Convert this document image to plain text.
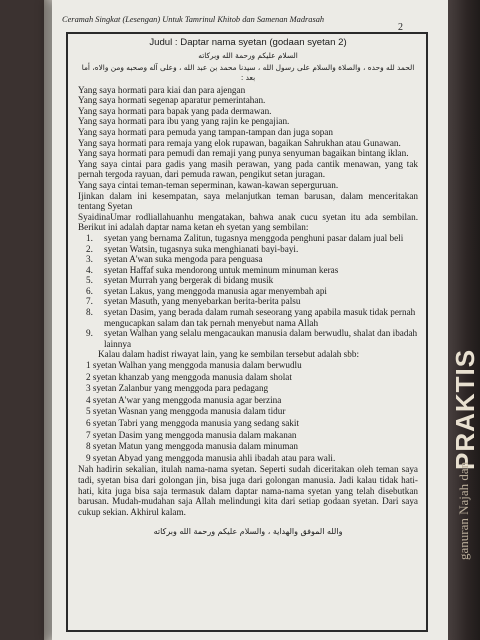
PRAKTIS
ganuran Najah dan
Ceramah Singkat (Lesengan) Untuk Tamrinul Khitob dan Samenan Madrasah
2
Judul : Daptar nama syetan (godaan syetan 2)
السلام عليكم ورحمة الله وبركاته
الحمد لله وحده ، والصلاة والسلام على رسول الله ، سيدنا محمد بن عبد الله ، وعلى آله وصحبه ومن والاه، أما بعد :

Yang saya hormati para kiai dan para ajengan

Yang saya hormati segenap aparatur pemerintahan.

Yang saya hormati para bapak yang pada dermawan.

Yang saya hormati para ibu yang yang rajin ke pengajian.

Yang saya hormati para pemuda yang tampan-tampan dan juga sopan

Yang saya hormati para remaja yang elok rupawan, bagaikan Sahrukhan atau Gunawan.

Yang saya hormati para pemudi dan remaji yang punya senyuman bagaikan bintang iklan.

Yang saya cintai para gadis yang masih perawan, yang pada cantik menawan, yang tak pernah tergoda rayuan, dari pemuda rawan, pengikut setan juragan.

Yang saya cintai teman-teman seperminan, kawan-kawan seperguruan.

Ijinkan dalam ini kesempatan, saya melanjutkan teman barusan, dalam menceritakan tentang Syetan

SyaidinaUmar rodliallahuanhu mengatakan, bahwa anak cucu syetan itu ada sembilan. Berikut ini adalah daptar nama ketan eh syetan yang sembilan:

1. syetan yang bernama Zalitun, tugasnya menggoda penghuni pasar dalam jual beli
2. syetan Watsin, tugasnya suka menghianati bayi-bayi.
3. syetan A'wan suka mengoda para penguasa
4. syetan Haffaf suka mendorong untuk meminum minuman keras
5. syetan Murrah yang bergerak di bidang musik
6. syetan Lakus, yang menggoda manusia agar menyembah api
7. syetan Masuth, yang menyebarkan berita-berita palsu
8. syetan Dasim, yang berada dalam rumah seseorang yang apabila masuk tidak pernah mengucapkan salam dan tak pernah menyebut nama Allah
9. syetan Walhan yang selalu mengacaukan manusia dalam berwudlu, shalat dan ibadah lainnya

Kalau dalam hadist riwayat lain, yang ke sembilan tersebut adalah sbb:

1 syetan Walhan yang menggoda manusia dalam berwudlu
2 syetan khanzab yang menggoda manusia dalam sholat
3 syetan Zalanbur yang menggoda para pedagang
4 syetan A'war yang menggoda manusia agar berzina
5 syetan Wasnan yang menggoda manusia dalam tidur
6 syetan Tabri yang menggoda manusia yang sedang sakit
7 syetan Dasim yang menggoda manusia dalam makanan
8 syetan Matun yang menggoda manusia dalam minuman
9 syetan Abyad yang menggoda manusia ahli ibadah atau para wali.

Nah hadirin sekalian, itulah nama-nama syetan. Seperti sudah diceritakan oleh teman saya tadi, syetan bisa dari golongan jin, bisa juga dari golongan manusia. Jadi kalau tidak hati-hati, kita juga bisa saja termasuk dalam daptar nama-nama syetan yang telah disebutkan barusan. Mudah-mudahan saja Allah melindungi kita dari setiap godaan syetan. Dari saya cukup sekian. Akhirul kalam.

والله الموفق والهداية ، والسلام عليكم ورحمة الله وبركاته
